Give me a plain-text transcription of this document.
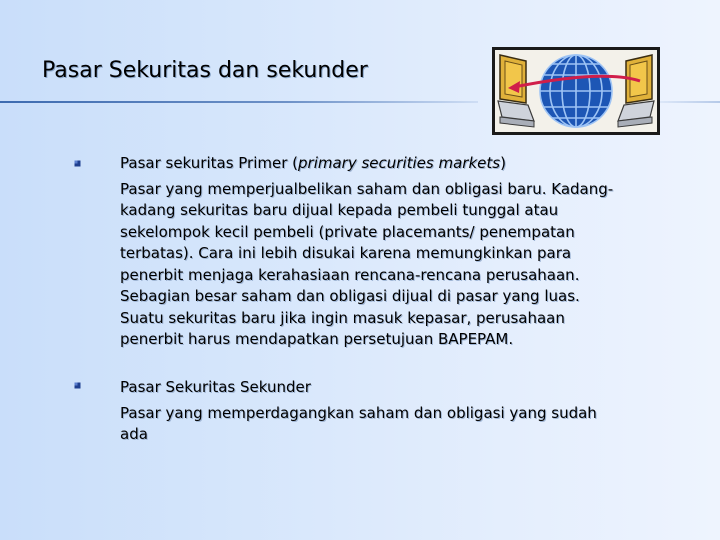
Pasar Sekuritas dan sekunder

Pasar sekuritas Primer (primary securities markets)

Pasar yang memperjualbelikan saham dan obligasi baru. Kadang-kadang sekuritas baru dijual kepada pembeli tunggal atau sekelompok kecil pembeli (private placemants/ penempatan terbatas). Cara ini lebih disukai karena memungkinkan para penerbit menjaga kerahasiaan rencana-rencana perusahaan. Sebagian besar saham dan obligasi dijual di pasar yang luas. Suatu sekuritas baru jika ingin masuk kepasar, perusahaan penerbit harus mendapatkan persetujuan BAPEPAM.

Pasar Sekuritas Sekunder

Pasar yang memperdagangkan saham dan obligasi yang sudah ada
